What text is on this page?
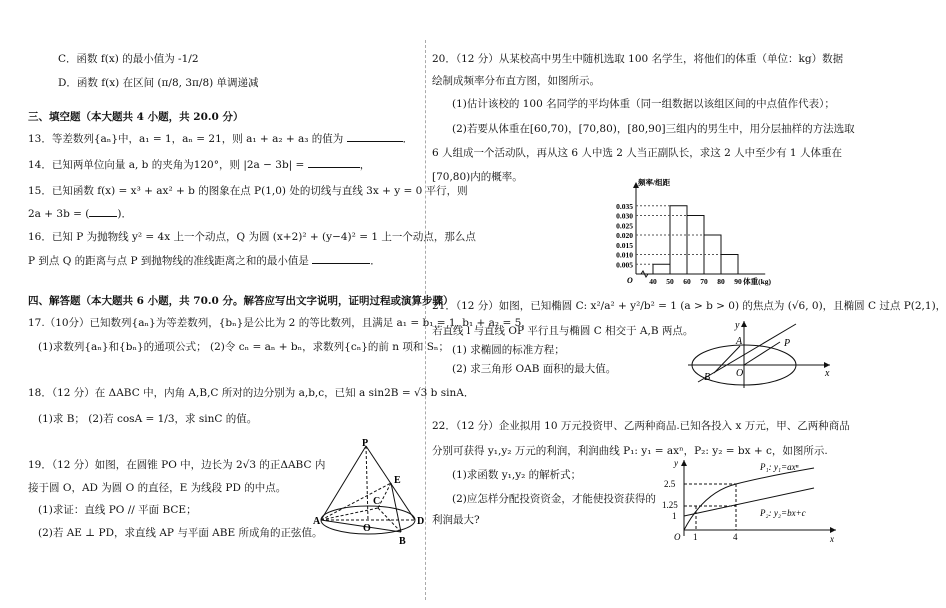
C．函数 f(x) 的最小值为 -1/2
D．函数 f(x) 在区间 (π/8, 3π/8) 单调递减
三、填空题（本大题共 4 小题，共 20.0 分）
13．等差数列{aₙ}中，a₁ = 1，aₙ = 21，则 a₁ + a₂ + a₃ 的值为	．
14．已知两单位向量 a, b 的夹角为120°，则 |2a − 3b| =	，
15．已知函数 f(x) = x³ + ax² + b 的图象在点 P(1,0) 处的切线与直线 3x + y = 0 平行，则
2a + 3b = (	)．
16．已知 P 为抛物线 y² = 4x 上一个动点，Q 为圆 (x+2)² + (y−4)² = 1 上一个动点，那么点
P 到点 Q 的距离与点 P 到抛物线的准线距离之和的最小值是	．
四、解答题（本大题共 6 小题，共 70.0 分。解答应写出文字说明，证明过程或演算步骤）
17.（10分）已知数列{aₙ}为等差数列，{bₙ}是公比为 2 的等比数列，且满足 a₁ = b₁ = 1, b₁ + a₂ = 5，
(1)求数列{aₙ}和{bₙ}的通项公式； (2)令 cₙ = aₙ + bₙ，求数列{cₙ}的前 n 项和 Sₙ；
18．（12 分）在 ΔABC 中，内角 A,B,C 所对的边分别为 a,b,c，已知 a sin2B = √3 b sinA．
(1)求 B； (2)若 cosA = 1/3，求 sinC 的值。
19．（12 分）如图，在圆锥 PO 中，边长为 2√3 的正ΔABC 内
接于圆 O，AD 为圆 O 的直径，E 为线段 PD 的中点。
(1)求证：直线 PO // 平面 BCE；
(2)若 AE ⊥ PD，求直线 AP 与平面 ABE 所成角的正弦值。
P
E
C
O
A	D
B
20．（12 分）从某校高中男生中随机选取 100 名学生，将他们的体重（单位：kg）数据
绘制成频率分布直方图，如图所示。
(1)估计该校的 100 名同学的平均体重（同一组数据以该组区间的中点值作代表）；
(2)若要从体重在[60,70)，[70,80)，[80,90]三组内的男生中，用分层抽样的方法选取
6 人组成一个活动队，再从这 6 人中选 2 人当正副队长，求这 2 人中至少有 1 人体重在
[70,80)内的概率。
0.035
0.030
0.025
0.020
0.015
0.010
0.005
40 50 60 70 80 90
O
频率/组距
体重(kg)
21．（12 分）如图，已知椭圆 C: x²/a² + y²/b² = 1 (a > b > 0) 的焦点为 (√6, 0)，且椭圆 C 过点 P(2,1)，
若直线 l 与直线 OP 平行且与椭圆 C 相交于 A,B 两点。
(1) 求椭圆的标准方程；
(2) 求三角形 OAB 面积的最大值。
y
A	P
B	O	x
22．（12 分）企业拟用 10 万元投资甲、乙两种商品.已知各投入 x 万元，甲、乙两种商品
分别可获得 y₁,y₂ 万元的利润，利润曲线 P₁: y₁ = axⁿ，P₂: y₂ = bx + c，如图所示.
(1)求函数 y₁,y₂ 的解析式；
(2)应怎样分配投资资金，才能使投资获得的
利润最大?
y
2.5
1.25
1
O 1	4	x
P₁: y₁=axⁿ
P₂: y₂=bx+c
